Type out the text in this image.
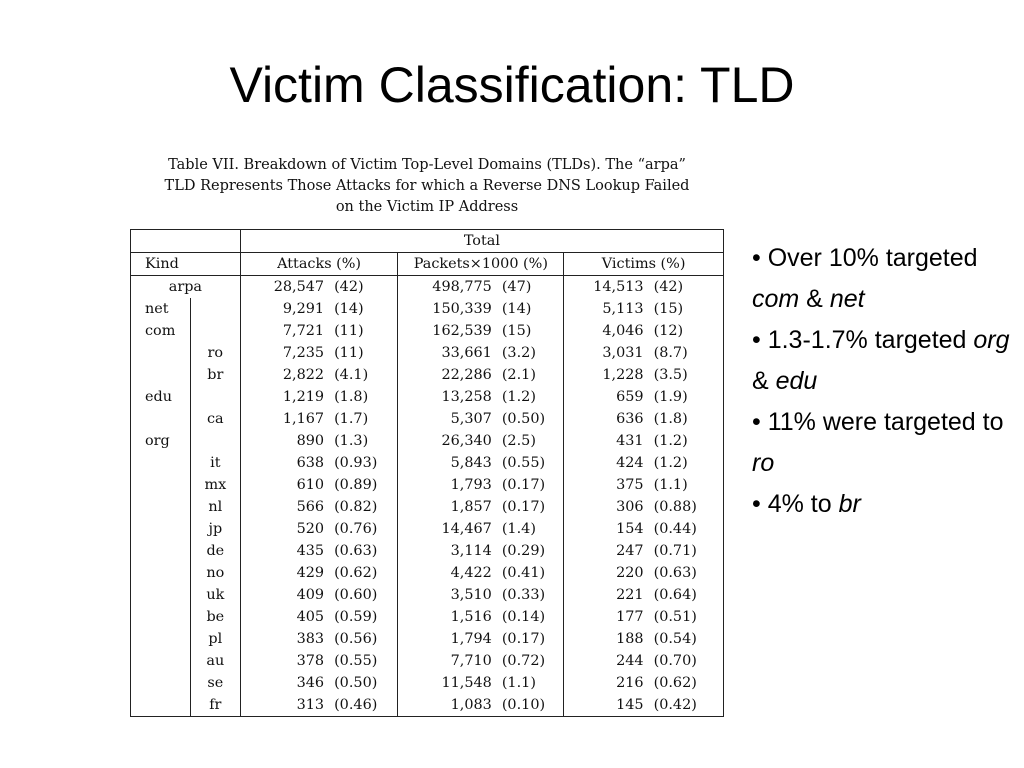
Victim Classification: TLD
Table VII. Breakdown of Victim Top-Level Domains (TLDs). The “arpa”
TLD Represents Those Attacks for which a Reverse DNS Lookup Failed
on the Victim IP Address
		Total					
Kind		Attacks (%)		Packets×1000 (%)		Victims (%)	
arpa		28,547	(42)	498,775	(47)	14,513	(42)
net		9,291	(14)	150,339	(14)	5,113	(15)
com		7,721	(11)	162,539	(15)	4,046	(12)
	ro	7,235	(11)	33,661	(3.2)	3,031	(8.7)
	br	2,822	(4.1)	22,286	(2.1)	1,228	(3.5)
edu		1,219	(1.8)	13,258	(1.2)	659	(1.9)
	ca	1,167	(1.7)	5,307	(0.50)	636	(1.8)
org		890	(1.3)	26,340	(2.5)	431	(1.2)
	it	638	(0.93)	5,843	(0.55)	424	(1.2)
	mx	610	(0.89)	1,793	(0.17)	375	(1.1)
	nl	566	(0.82)	1,857	(0.17)	306	(0.88)
	jp	520	(0.76)	14,467	(1.4)	154	(0.44)
	de	435	(0.63)	3,114	(0.29)	247	(0.71)
	no	429	(0.62)	4,422	(0.41)	220	(0.63)
	uk	409	(0.60)	3,510	(0.33)	221	(0.64)
	be	405	(0.59)	1,516	(0.14)	177	(0.51)
	pl	383	(0.56)	1,794	(0.17)	188	(0.54)
	au	378	(0.55)	7,710	(0.72)	244	(0.70)
	se	346	(0.50)	11,548	(1.1)	216	(0.62)
	fr	313	(0.46)	1,083	(0.10)	145	(0.42)
• Over 10% targeted com & net
• 1.3-1.7% targeted org & edu
• 11% were targeted to ro
• 4% to br
